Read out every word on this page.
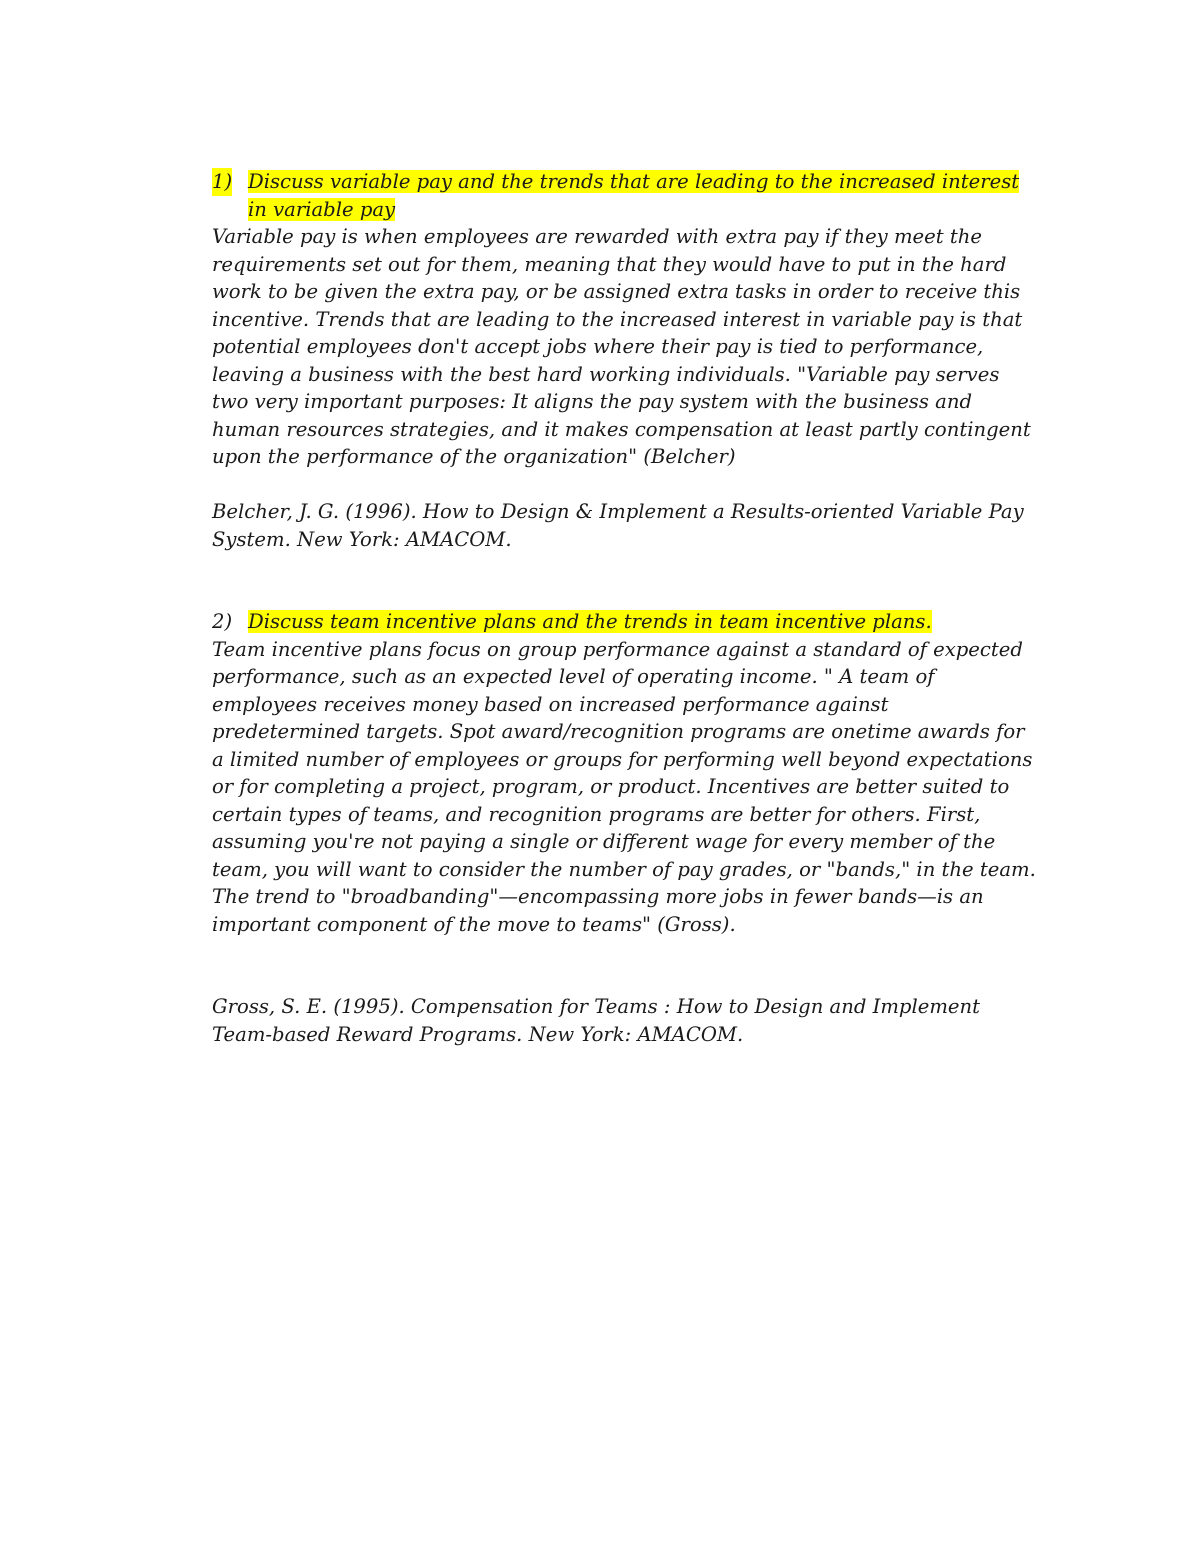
1) Discuss variable pay and the trends that are leading to the increased interest in variable pay

Variable pay is when employees are rewarded with extra pay if they meet the requirements set out for them, meaning that they would have to put in the hard work to be given the extra pay, or be assigned extra tasks in order to receive this incentive. Trends that are leading to the increased interest in variable pay is that potential employees don't accept jobs where their pay is tied to performance, leaving a business with the best hard working individuals. "Variable pay serves two very important purposes: It aligns the pay system with the business and human resources strategies, and it makes compensation at least partly contingent upon the performance of the organization" (Belcher)

Belcher, J. G. (1996). How to Design & Implement a Results-oriented Variable Pay System. New York: AMACOM.

2) Discuss team incentive plans and the trends in team incentive plans.

Team incentive plans focus on group performance against a standard of expected performance, such as an expected level of operating income. " A team of employees receives money based on increased performance against predetermined targets. Spot award/recognition programs are onetime awards for a limited number of employees or groups for performing well beyond expectations or for completing a project, program, or product. Incentives are better suited to certain types of teams, and recognition programs are better for others. First, assuming you're not paying a single or different wage for every member of the team, you will want to consider the number of pay grades, or "bands," in the team. The trend to "broadbanding"—encompassing more jobs in fewer bands—is an important component of the move to teams" (Gross).

Gross, S. E. (1995). Compensation for Teams : How to Design and Implement Team-based Reward Programs. New York: AMACOM.
